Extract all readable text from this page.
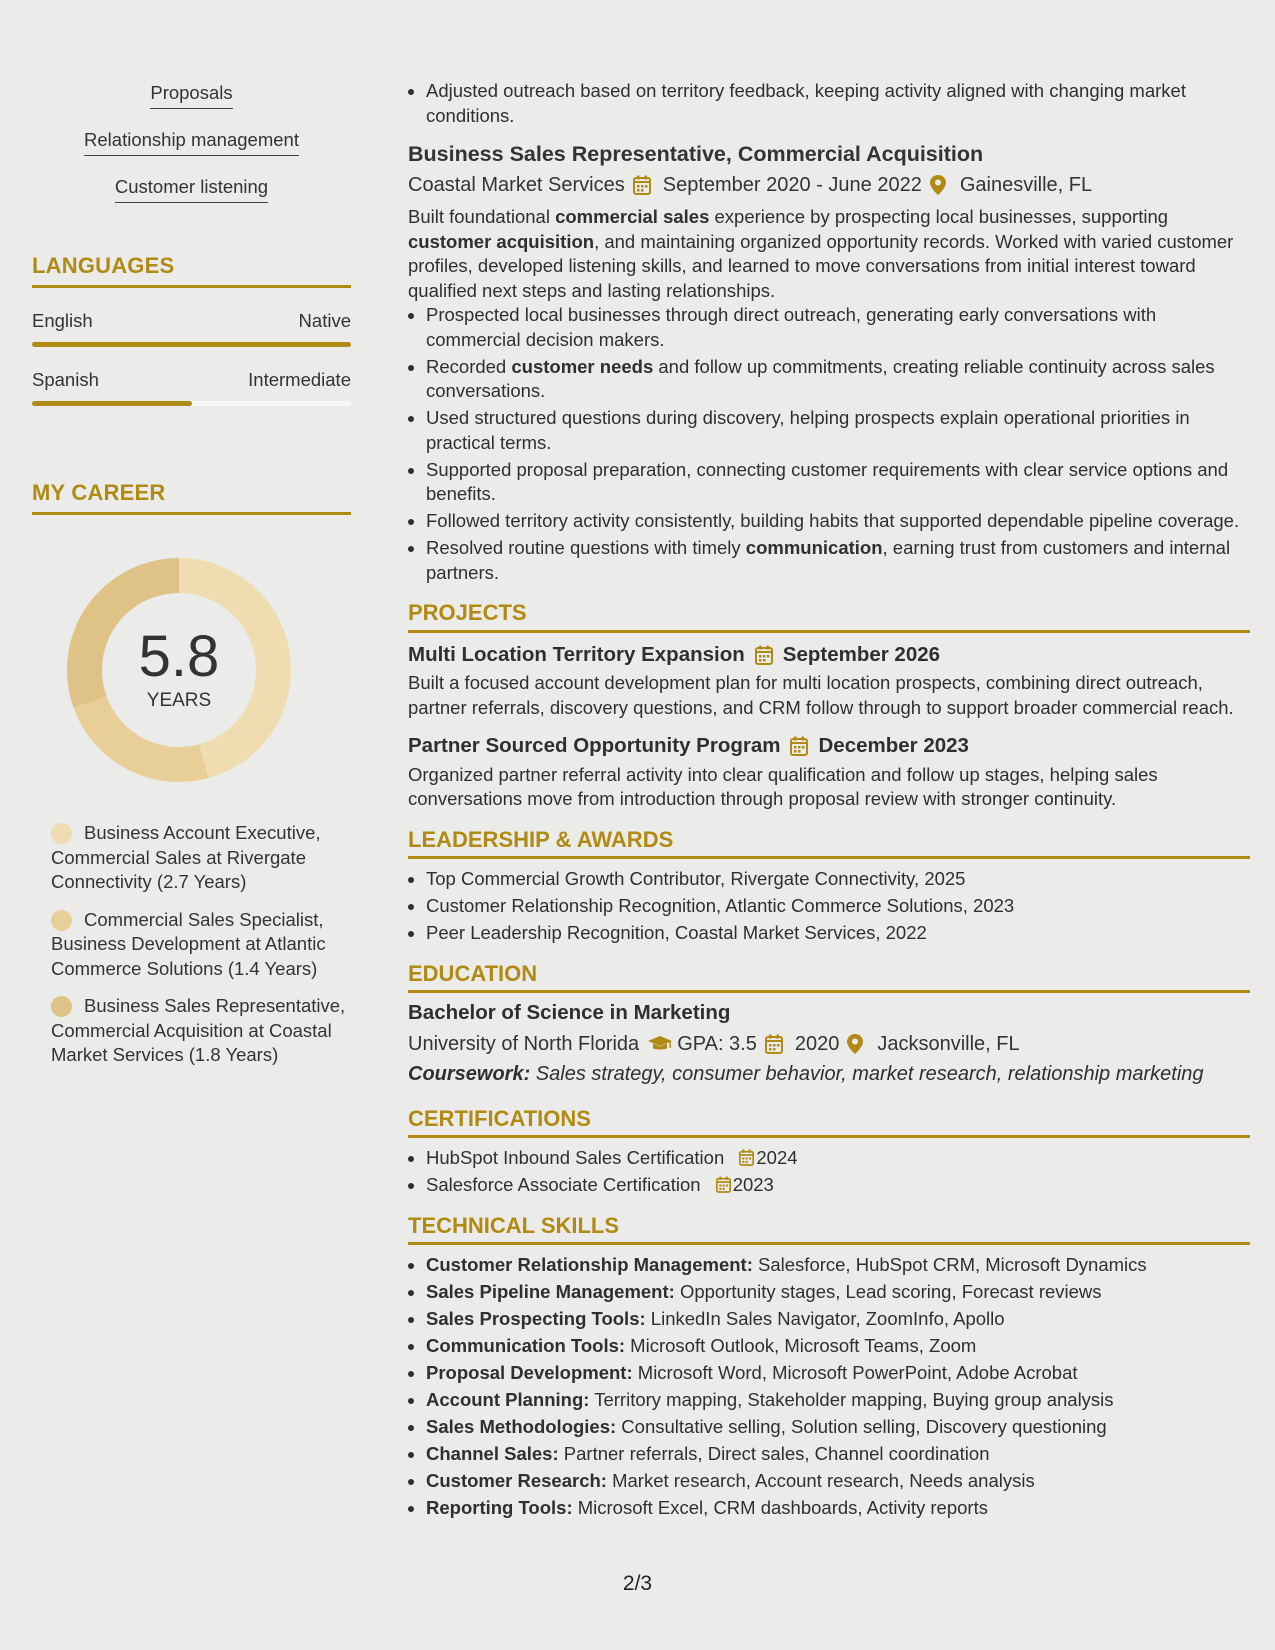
Proposals
Relationship management
Customer listening
LANGUAGES
English	Native
Spanish	Intermediate
MY CAREER
5.8
YEARS
Business Account Executive, Commercial Sales at Rivergate Connectivity (2.7 Years)
Commercial Sales Specialist, Business Development at Atlantic Commerce Solutions (1.4 Years)
Business Sales Representative, Commercial Acquisition at Coastal Market Services (1.8 Years)
• Adjusted outreach based on territory feedback, keeping activity aligned with changing market conditions.
Business Sales Representative, Commercial Acquisition
Coastal Market Services September 2020 - June 2022 Gainesville, FL
Built foundational commercial sales experience by prospecting local businesses, supporting customer acquisition, and maintaining organized opportunity records. Worked with varied customer profiles, developed listening skills, and learned to move conversations from initial interest toward qualified next steps and lasting relationships.
• Prospected local businesses through direct outreach, generating early conversations with commercial decision makers.
• Recorded customer needs and follow up commitments, creating reliable continuity across sales conversations.
• Used structured questions during discovery, helping prospects explain operational priorities in practical terms.
• Supported proposal preparation, connecting customer requirements with clear service options and benefits.
• Followed territory activity consistently, building habits that supported dependable pipeline coverage.
• Resolved routine questions with timely communication, earning trust from customers and internal partners.
PROJECTS
Multi Location Territory Expansion September 2026
Built a focused account development plan for multi location prospects, combining direct outreach, partner referrals, discovery questions, and CRM follow through to support broader commercial reach.
Partner Sourced Opportunity Program December 2023
Organized partner referral activity into clear qualification and follow up stages, helping sales conversations move from introduction through proposal review with stronger continuity.
LEADERSHIP & AWARDS
• Top Commercial Growth Contributor, Rivergate Connectivity, 2025
• Customer Relationship Recognition, Atlantic Commerce Solutions, 2023
• Peer Leadership Recognition, Coastal Market Services, 2022
EDUCATION
Bachelor of Science in Marketing
University of North Florida GPA: 3.5 2020 Jacksonville, FL
Coursework: Sales strategy, consumer behavior, market research, relationship marketing
CERTIFICATIONS
• HubSpot Inbound Sales Certification 2024
• Salesforce Associate Certification 2023
TECHNICAL SKILLS
• Customer Relationship Management: Salesforce, HubSpot CRM, Microsoft Dynamics
• Sales Pipeline Management: Opportunity stages, Lead scoring, Forecast reviews
• Sales Prospecting Tools: LinkedIn Sales Navigator, ZoomInfo, Apollo
• Communication Tools: Microsoft Outlook, Microsoft Teams, Zoom
• Proposal Development: Microsoft Word, Microsoft PowerPoint, Adobe Acrobat
• Account Planning: Territory mapping, Stakeholder mapping, Buying group analysis
• Sales Methodologies: Consultative selling, Solution selling, Discovery questioning
• Channel Sales: Partner referrals, Direct sales, Channel coordination
• Customer Research: Market research, Account research, Needs analysis
• Reporting Tools: Microsoft Excel, CRM dashboards, Activity reports
2/3
